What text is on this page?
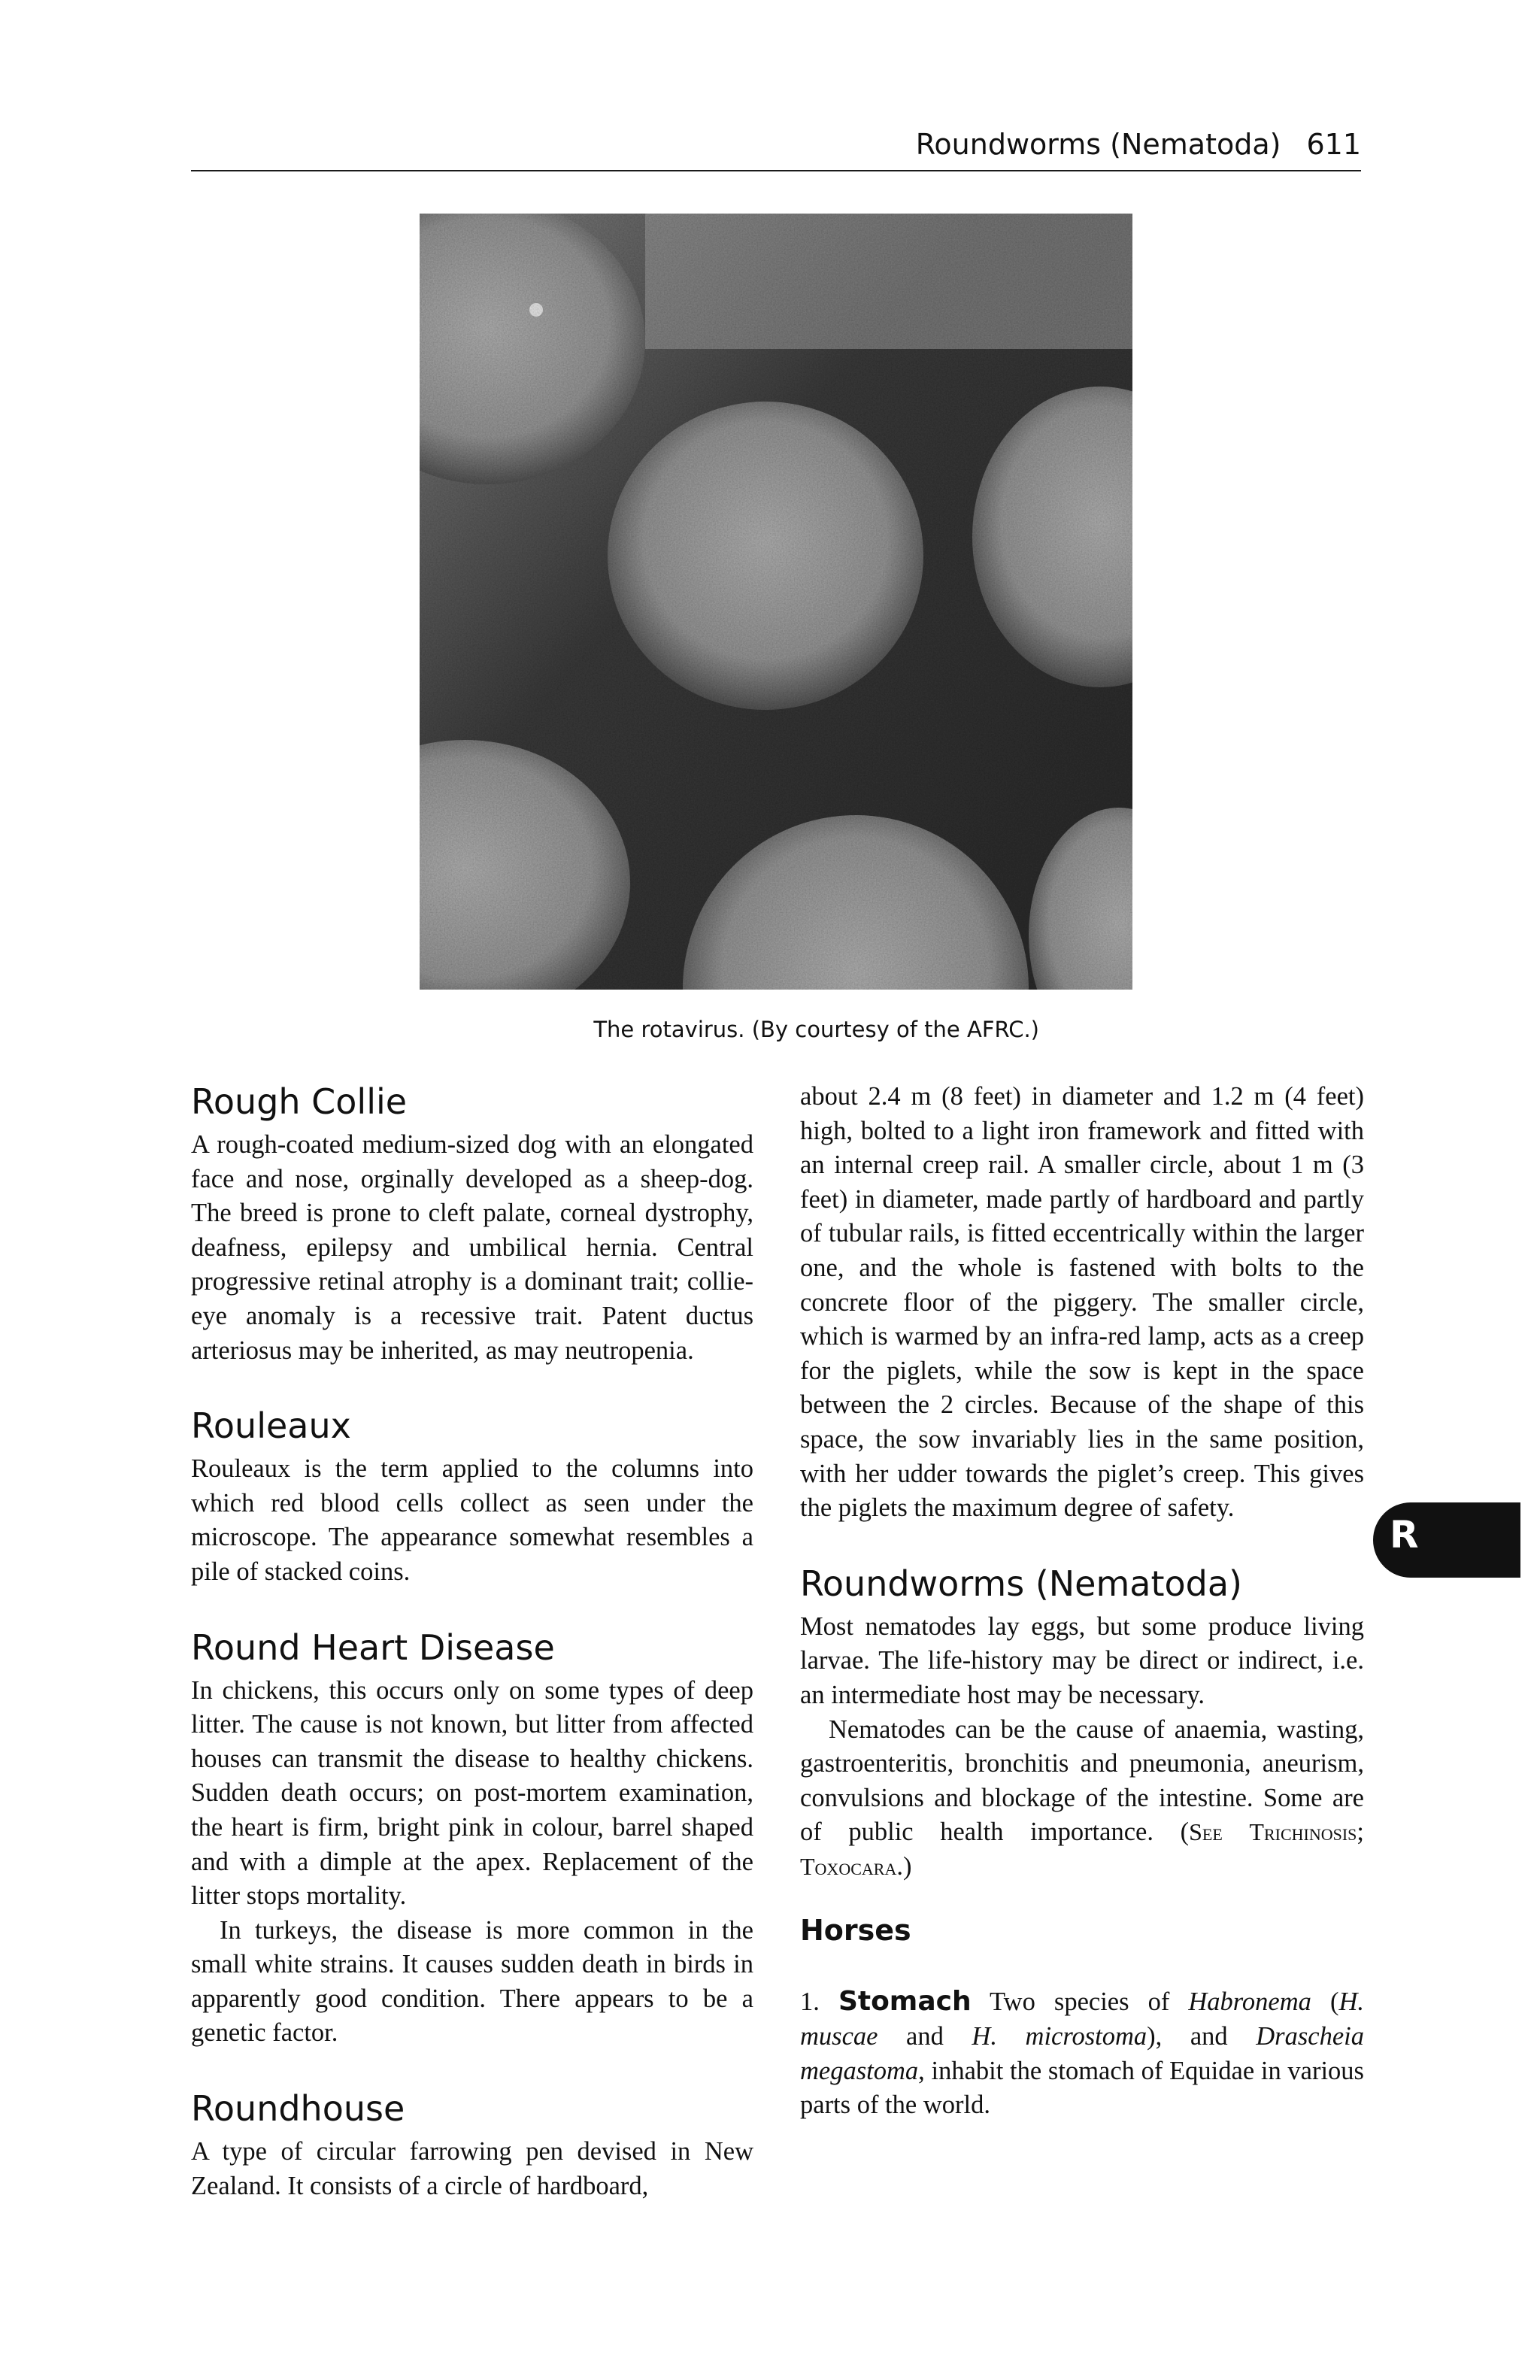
Roundworms (Nematoda) 611
The rotavirus. (By courtesy of the AFRC.)
Rough Collie

A rough-coated medium-sized dog with an elongated face and nose, orginally developed as a sheep-dog. The breed is prone to cleft palate, corneal dystrophy, deafness, epilepsy and umbilical hernia. Central progressive retinal atrophy is a dominant trait; collie-eye anomaly is a recessive trait. Patent ductus arteriosus may be inherited, as may neutropenia.

Rouleaux

Rouleaux is the term applied to the columns into which red blood cells collect as seen under the microscope. The appearance somewhat resembles a pile of stacked coins.

Round Heart Disease

In chickens, this occurs only on some types of deep litter. The cause is not known, but litter from affected houses can transmit the disease to healthy chickens. Sudden death occurs; on post-mortem examination, the heart is firm, bright pink in colour, barrel shaped and with a dimple at the apex. Replacement of the litter stops mortality.

In turkeys, the disease is more common in the small white strains. It causes sudden death in birds in apparently good condition. There appears to be a genetic factor.

Roundhouse

A type of circular farrowing pen devised in New Zealand. It consists of a circle of hardboard,

about 2.4 m (8 feet) in diameter and 1.2 m (4 feet) high, bolted to a light iron framework and fitted with an internal creep rail. A smaller circle, about 1 m (3 feet) in diameter, made partly of hardboard and partly of tubular rails, is fitted eccentrically within the larger one, and the whole is fastened with bolts to the concrete floor of the piggery. The smaller circle, which is warmed by an infra-red lamp, acts as a creep for the piglets, while the sow is kept in the space between the 2 circles. Because of the shape of this space, the sow invariably lies in the same position, with her udder towards the piglet’s creep. This gives the piglets the maximum degree of safety.

Roundworms (Nematoda)

Most nematodes lay eggs, but some produce living larvae. The life-history may be direct or indirect, i.e. an intermediate host may be necessary.

Nematodes can be the cause of anaemia, wasting, gastroenteritis, bronchitis and pneumonia, aneurism, convulsions and blockage of the intestine. Some are of public health importance. (See Trichinosis; Toxocara.)

Horses

1. Stomach Two species of Habronema (H. muscae and H. microstoma), and Drascheia megastoma, inhabit the stomach of Equidae in various parts of the world.

R
